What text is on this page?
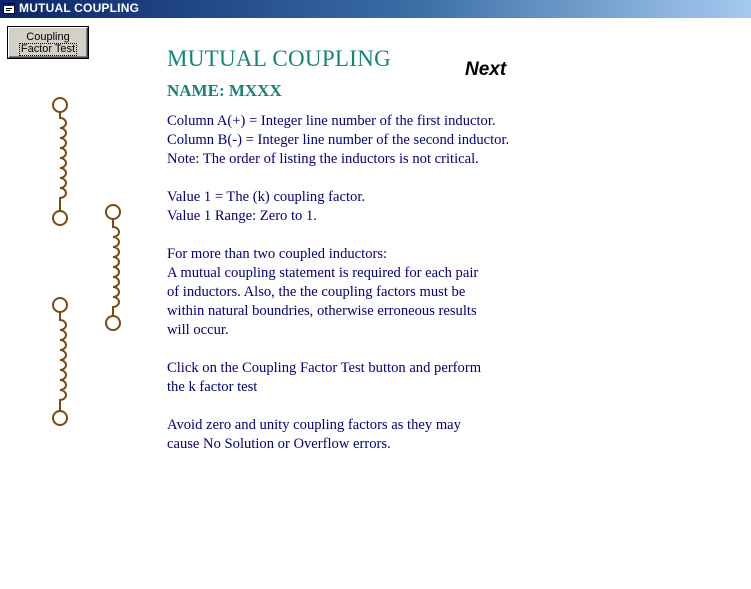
MUTUAL COUPLING
Coupling
Factor Test	MUTUAL COUPLING
NAME: MXXX
Next
Column A(+) = Integer line number of the first inductor.
Column B(-) = Integer line number of the second inductor.
Note: The order of listing the inductors is not critical.
Value 1 = The (k) coupling factor.
Value 1 Range: Zero to 1.
For more than two coupled inductors:
A mutual coupling statement is required for each pair
of inductors. Also, the the coupling factors must be
within natural boundries, otherwise erroneous results
will occur.
Click on the Coupling Factor Test button and perform
the k factor test
Avoid zero and unity coupling factors as they may
cause No Solution or Overflow errors.
